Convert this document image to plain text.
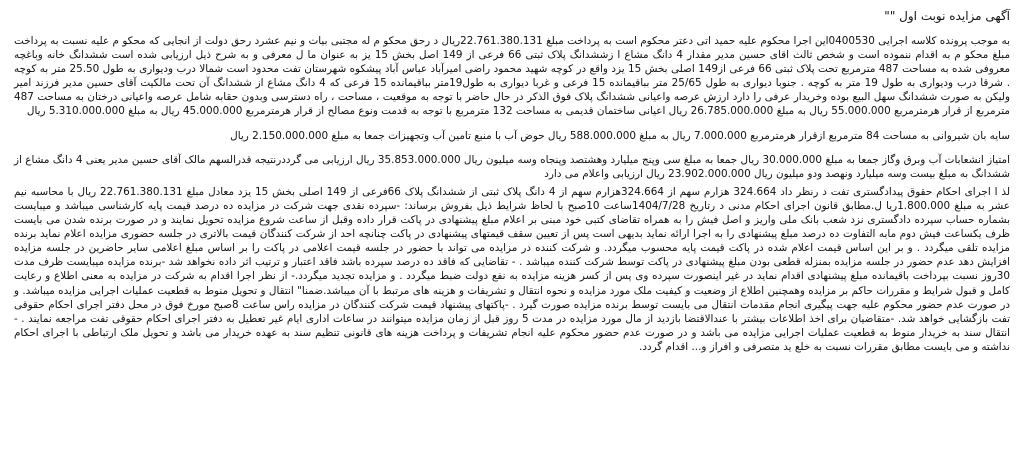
آگهی مزایده نوبت اول ""

به موجب پرونده کلاسه اجرایی 0400530این اجرا محکوم علیه حمید اتی دعتر محکوم است به پرداخت مبلغ 22.761.380.131ریال د رحق محکو م له مجتبی بیات و نیم عشرد رحق دولت از انجایی که محکو م علیه نسبت به پرداخت مبلغ محکو م به اقدام ننموده است و شخص ثالث اقای حسین مدیر مقدار 4 دانگ مشاع ا زششدانگ پلاک ثبتی 66 فرعی از 149 اصل بخش 15 یز به عنوان ما ل معرفی و به شرح ذیل ارزیابی شده است ششدانگ خانه وباغچه معروفی شده به مساحت 487 مترمربع تحت پلاک ثبتی 66 فرعی از149 اصلی بخش 15 یزد واقع در کوچه شهید محمود راضی امیرآباد عباس آباد پیشکوه شهرستان تفت محدود است شمالا درب ودیواری به طول 25.50 متر به کوچه . شرقا درب ودیواری به طول 19 متر به کوچه . جنوبا دیواری به طول 25/65 متر بباقیمانده 15 فرعی و غربا دیواری به طول19متر بباقیمانده 15 فرعی که 4 دانگ مشاع از ششدانگ آن تحت مالکیت آقای حسین مدیر فرزند امیر ولیکن به صورت ششدانگ سهل البیع بوده وخریدار عرفی را دارد ارزش عرصه واعیانی ششدانگ پلاک فوق الذکر در حال حاضر با توجه به موقعیت ، مساحت ، راه دسترسی وبدون حقابه شامل عرصه واعیانی درختان به مساحت 487 مترمربع از قرار هرمترمربع 55.000.000 ریال به مبلغ 26.785.000.000 ریال اعیانی ساختمان قدیمی به مساحت 132 مترمربع با توجه به قدمت ونوع مصالح از قرار هرمترمربع 45.000.000 ریال به مبلغ 5.310.000.000 ریال

سایه بان شیروانی به مساحت 84 مترمربع ازقرار هرمترمربع 7.000.000 ریال به مبلغ 588.000.000 ریال حوض آب با منبع تامین آب وتجهیزات جمعا به مبلغ 2.150.000.000 ریال

امتیاز انشعابات آب وبرق وگاز جمعا به مبلغ 30.000.000 ریال جمعا به مبلغ سی وپنج میلیارد وهشتصد وپنجاه وسه میلیون ریال 35.853.000.000 ریال ارزیابی می گرددرنتیجه قدرالسهم مالک آقای حسین مدیر یعنی 4 دانگ مشاع از ششدانگ به مبلغ بیست وسه میلیارد ونهصد ودو میلیون ریال 23.902.000.000 ریال ارزیابی واعلام می دارد

لذ ا اجرای احکام حقوق پیدادگستری تفت د رنظر داد 324.664 هزارم سهم از 324.664هزارم سهم از 4 دانگ پلاک ثبتی از ششدانگ پلاک 66فرعی از 149 اصلی بخش 15 یزد معادل مبلغ 22.761.380.131 ریال با محاسبه نیم عشر به مبلغ 1.800.000ریا ل.مطابق قانون اجرای احکام مدنی د رتاریخ 1404/7/28ساعت 10صبح با لحاظ شرایط ذیل بفروش برساند: -سپرده نقدی جهت شرکت در مزایده ده درصد قیمت پایه کارشناسی میباشد و میبایست بشماره حساب سپرده دادگستری نزد شعب بانک ملی واریز و اصل فیش را به همراه تقاضای کتبی خود مبنی بر اعلام مبلغ پیشنهادی در پاکت قرار داده وقبل از ساعت شروع مزایده تحویل نمایند و در صورت برنده شدن می بایست ظرف یکساعت فیش دوم مابه التفاوت ده درصد مبلغ پیشنهادی را به اجرا ارائه نماید بدیهی است پس از تعیین سقف قیمتهای پیشنهادی در پاکت چنانچه احد از شرکت کنندگان قیمت بالاتری در جلسه حضوری مزایده اعلام نماید برنده مزایده تلقی میگردد . و بر این اساس قیمت اعلام شده در پاکت قیمت پایه محسوب میگردد. و شرکت کننده در مزایده می تواند با حضور در جلسه قیمت اعلامی در پاکت را بر اساس مبلغ اعلامی سایر حاضرین در جلسه مزایده افزایش دهد عدم حضور در جلسه مزایده بمنزله قطعی بودن مبلغ پیشنهادی در پاکت توسط شرکت کننده میباشد . - تقاضایی که فاقد ده درصد سپرده باشد فاقد اعتبار و ترتیب اثر داده نخواهد شد -برنده مزایده میبایست ظرف مدت 30روز نسبت بپرداخت باقیمانده مبلغ پیشنهادی اقدام نماید در غیر اینصورت سپرده وی پس از کسر هزینه مزایده به نفع دولت ضبط میگردد . و مزایده تجدید میگردد.- از نظر اجرا اقدام به شرکت در مزایده به معنی اطلاع و رعایت کامل و قبول شرایط و مقررات حاکم بر مزایده وهمچنین اطلاع از وضعیت و کیفیت ملک مورد مزایده و نحوه انتقال و تشریفات و هزینه های مرتبط با آن میباشد.ضمنا" انتقال و تحویل منوط به قطعیت عملیات اجرایی مزایده میباشد. و در صورت عدم حضور محکوم علیه جهت پیگیری انجام مقدمات انتقال می بایست توسط برنده مزایده صورت گیرد . -پاکتهای پیشنهاد قیمت شرکت کنندگان در مزایده راس ساعت 8صبح مورخ فوق در محل دفتر اجرای احکام حقوقی تفت بازگشایی خواهد شد. -متقاضیان برای اخذ اطلاعات بیشتر با عندالاقتضا بازدید از مال مورد مزایده در مدت 5 روز قبل از زمان مزایده میتوانند در ساعات اداری ایام غیر تعطیل به دفتر اجرای احکام حقوقی تفت مراجعه نمایند . - انتقال سند به خریدار منوط به قطعیت عملیات اجرایی مزایده می باشد و در صورت عدم حضور محکوم علیه انجام تشریفات و پرداخت هزینه های قانونی تنظیم سند به عهده خریدار می باشد و تحویل ملک ارتباطی با اجرای احکام نداشته و می بایست مطابق مقررات نسبت به خلع ید متصرفی و افراز و... اقدام گردد.
